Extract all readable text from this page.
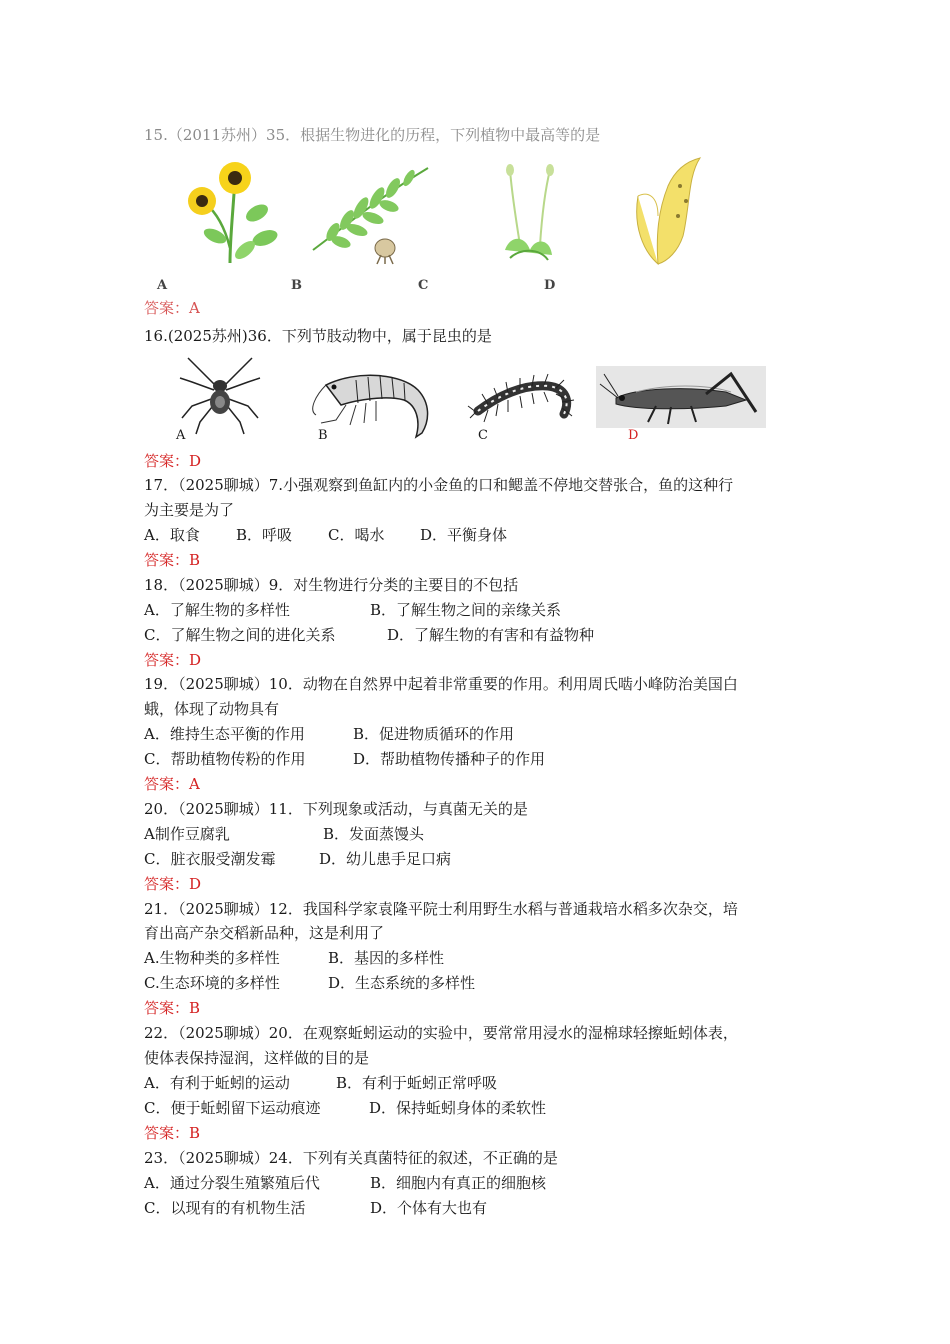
15.（2011苏州）35．根据生物进化的历程，下列植物中最高等的是
A	B	C	D
答案：A
16.(2025苏州)36．下列节肢动物中，属于昆虫的是
A	B	C	D
答案：D
17．（2025聊城）7.小强观察到鱼缸内的小金鱼的口和鳃盖不停地交替张合，鱼的这种行
为主要是为了
A．取食 B．呼吸 C．喝水 D．平衡身体
答案：B
18．（2025聊城）9．对生物进行分类的主要目的不包括
A．了解生物的多样性	B．了解生物之间的亲缘关系
C．了解生物之间的进化关系	D．了解生物的有害和有益物种
答案：D
19．（2025聊城）10．动物在自然界中起着非常重要的作用。利用周氏啮小峰防治美国白
蛾，体现了动物具有
A．维持生态平衡的作用	B．促进物质循环的作用
C．帮助植物传粉的作用	D．帮助植物传播种子的作用
答案：A
20．（2025聊城）11．下列现象或活动，与真菌无关的是
A制作豆腐乳	B．发面蒸馒头
C．脏衣服受潮发霉	D．幼儿患手足口病
答案：D
21．（2025聊城）12．我国科学家袁隆平院士利用野生水稻与普通栽培水稻多次杂交，培
育出高产杂交稻新品种，这是利用了
A.生物种类的多样性	B．基因的多样性
C.生态环境的多样性	D．生态系统的多样性
答案：B
22．（2025聊城）20．在观察蚯蚓运动的实验中，要常常用浸水的湿棉球轻擦蚯蚓体表，
使体表保持湿润，这样做的目的是
A．有利于蚯蚓的运动	B．有利于蚯蚓正常呼吸
C．便于蚯蚓留下运动痕迹	D．保持蚯蚓身体的柔软性
答案：B
23．（2025聊城）24．下列有关真菌特征的叙述，不正确的是
A．通过分裂生殖繁殖后代	B．细胞内有真正的细胞核
C．以现有的有机物生活	D．个体有大也有
